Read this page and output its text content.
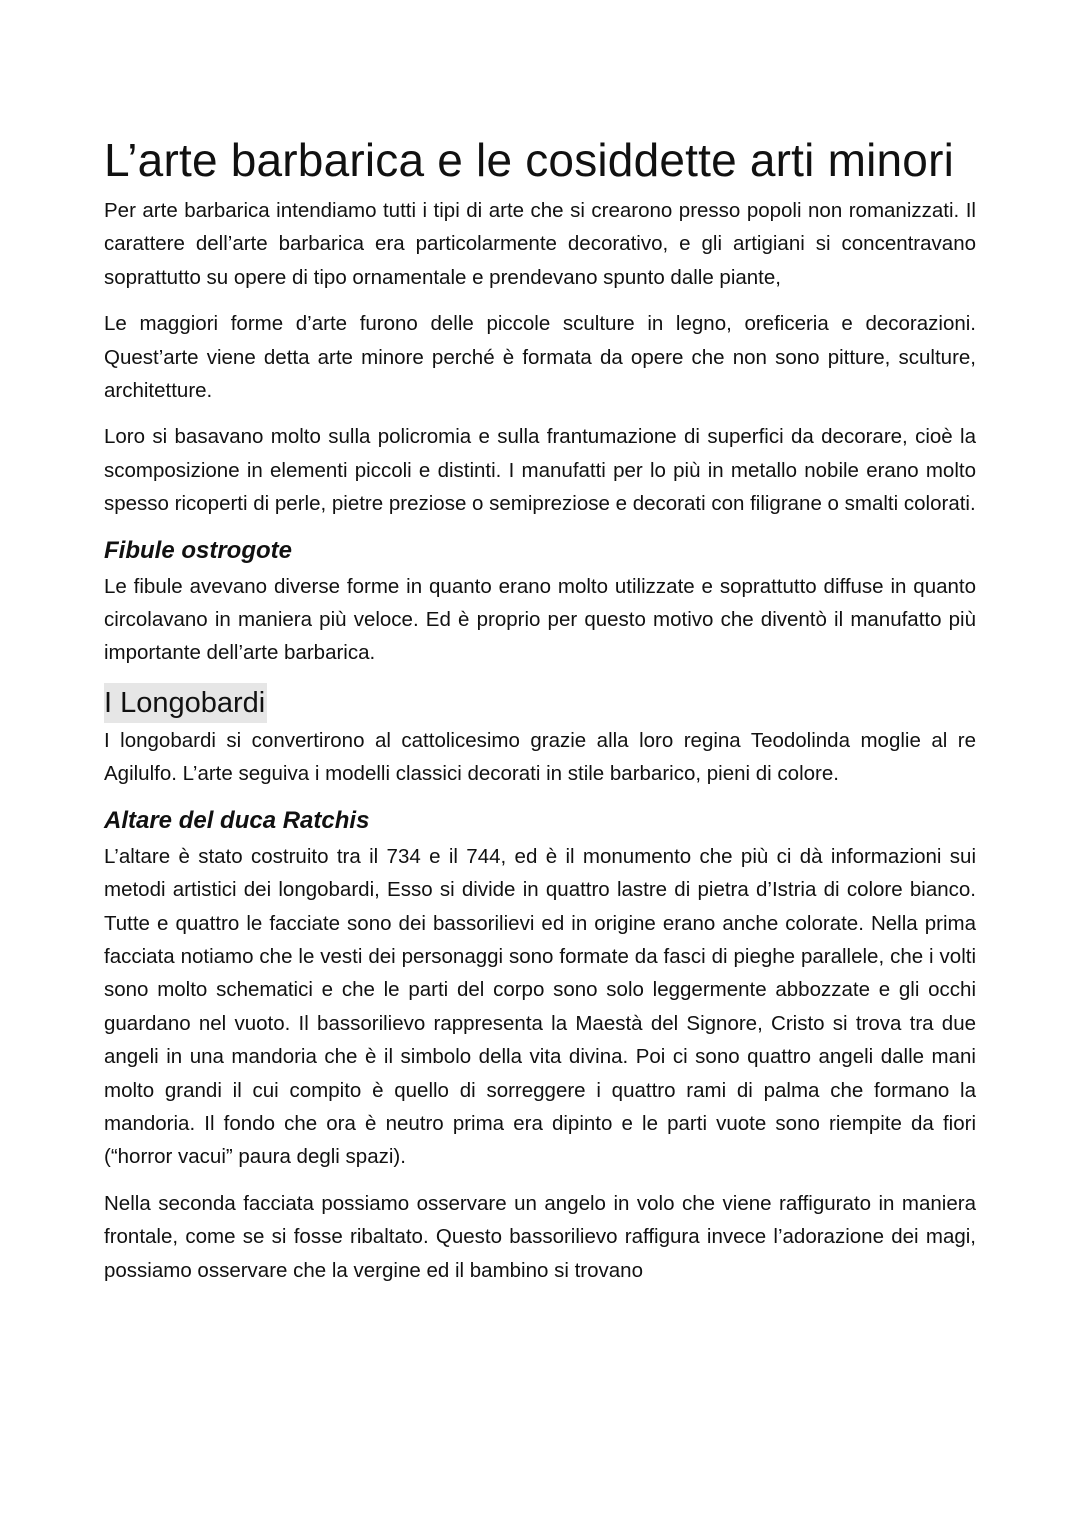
L’arte barbarica e le cosiddette arti minori

Per arte barbarica intendiamo tutti i tipi di arte che si crearono presso popoli non romanizzati. Il carattere dell’arte barbarica era particolarmente decorativo, e gli artigiani si concentravano soprattutto su opere di tipo ornamentale e prendevano spunto dalle piante,

Le maggiori forme d’arte furono delle piccole sculture in legno, oreficeria e decorazioni. Quest’arte viene detta arte minore perché è formata da opere che non sono pitture, sculture, architetture.

Loro si basavano molto sulla policromia e sulla frantumazione di superfici da decorare, cioè la scomposizione in elementi piccoli e distinti. I manufatti per lo più in metallo nobile erano molto spesso ricoperti di perle, pietre preziose o semipreziose e decorati con filigrane o smalti colorati.

Fibule ostrogote

Le fibule avevano diverse forme in quanto erano molto utilizzate e soprattutto diffuse in quanto circolavano in maniera più veloce. Ed è proprio per questo motivo che diventò il manufatto più importante dell’arte barbarica.

I Longobardi

I longobardi si convertirono al cattolicesimo grazie alla loro regina Teodolinda moglie al re Agilulfo. L’arte seguiva i modelli classici decorati in stile barbarico, pieni di colore.

Altare del duca Ratchis

L’altare è stato costruito tra il 734 e il 744, ed è il monumento che più ci dà informazioni sui metodi artistici dei longobardi, Esso si divide in quattro lastre di pietra d’Istria di colore bianco. Tutte e quattro le facciate sono dei bassorilievi ed in origine erano anche colorate. Nella prima facciata notiamo che le vesti dei personaggi sono formate da fasci di pieghe parallele, che i volti sono molto schematici e che le parti del corpo sono solo leggermente abbozzate e gli occhi guardano nel vuoto. Il bassorilievo rappresenta la Maestà del Signore, Cristo si trova tra due angeli in una mandoria che è il simbolo della vita divina. Poi ci sono quattro angeli dalle mani molto grandi il cui compito è quello di sorreggere i quattro rami di palma che formano la mandoria. Il fondo che ora è neutro prima era dipinto e le parti vuote sono riempite da fiori (“horror vacui” paura degli spazi).

Nella seconda facciata possiamo osservare un angelo in volo che viene raffigurato in maniera frontale, come se si fosse ribaltato. Questo bassorilievo raffigura invece l’adorazione dei magi, possiamo osservare che la vergine ed il bambino si trovano
